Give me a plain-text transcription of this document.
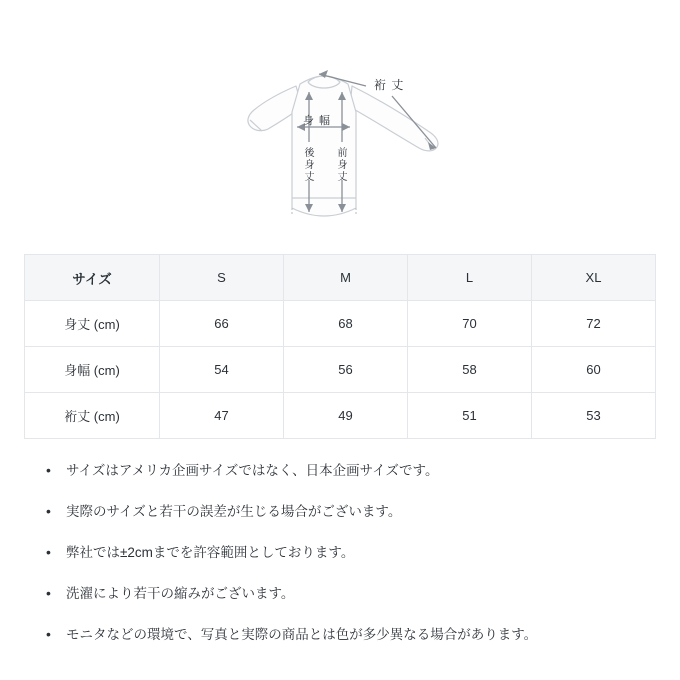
裄 丈
身 幅
後身丈
前身丈
サイズ	S	M	L	XL
身丈 (cm)	66	68	70	72
身幅 (cm)	54	56	58	60
裄丈 (cm)	47	49	51	53
• サイズはアメリカ企画サイズではなく、日本企画サイズです。
• 実際のサイズと若干の誤差が生じる場合がございます。
• 弊社では±2cmまでを許容範囲としております。
• 洗濯により若干の縮みがございます。
• モニタなどの環境で、写真と実際の商品とは色が多少異なる場合があります。
